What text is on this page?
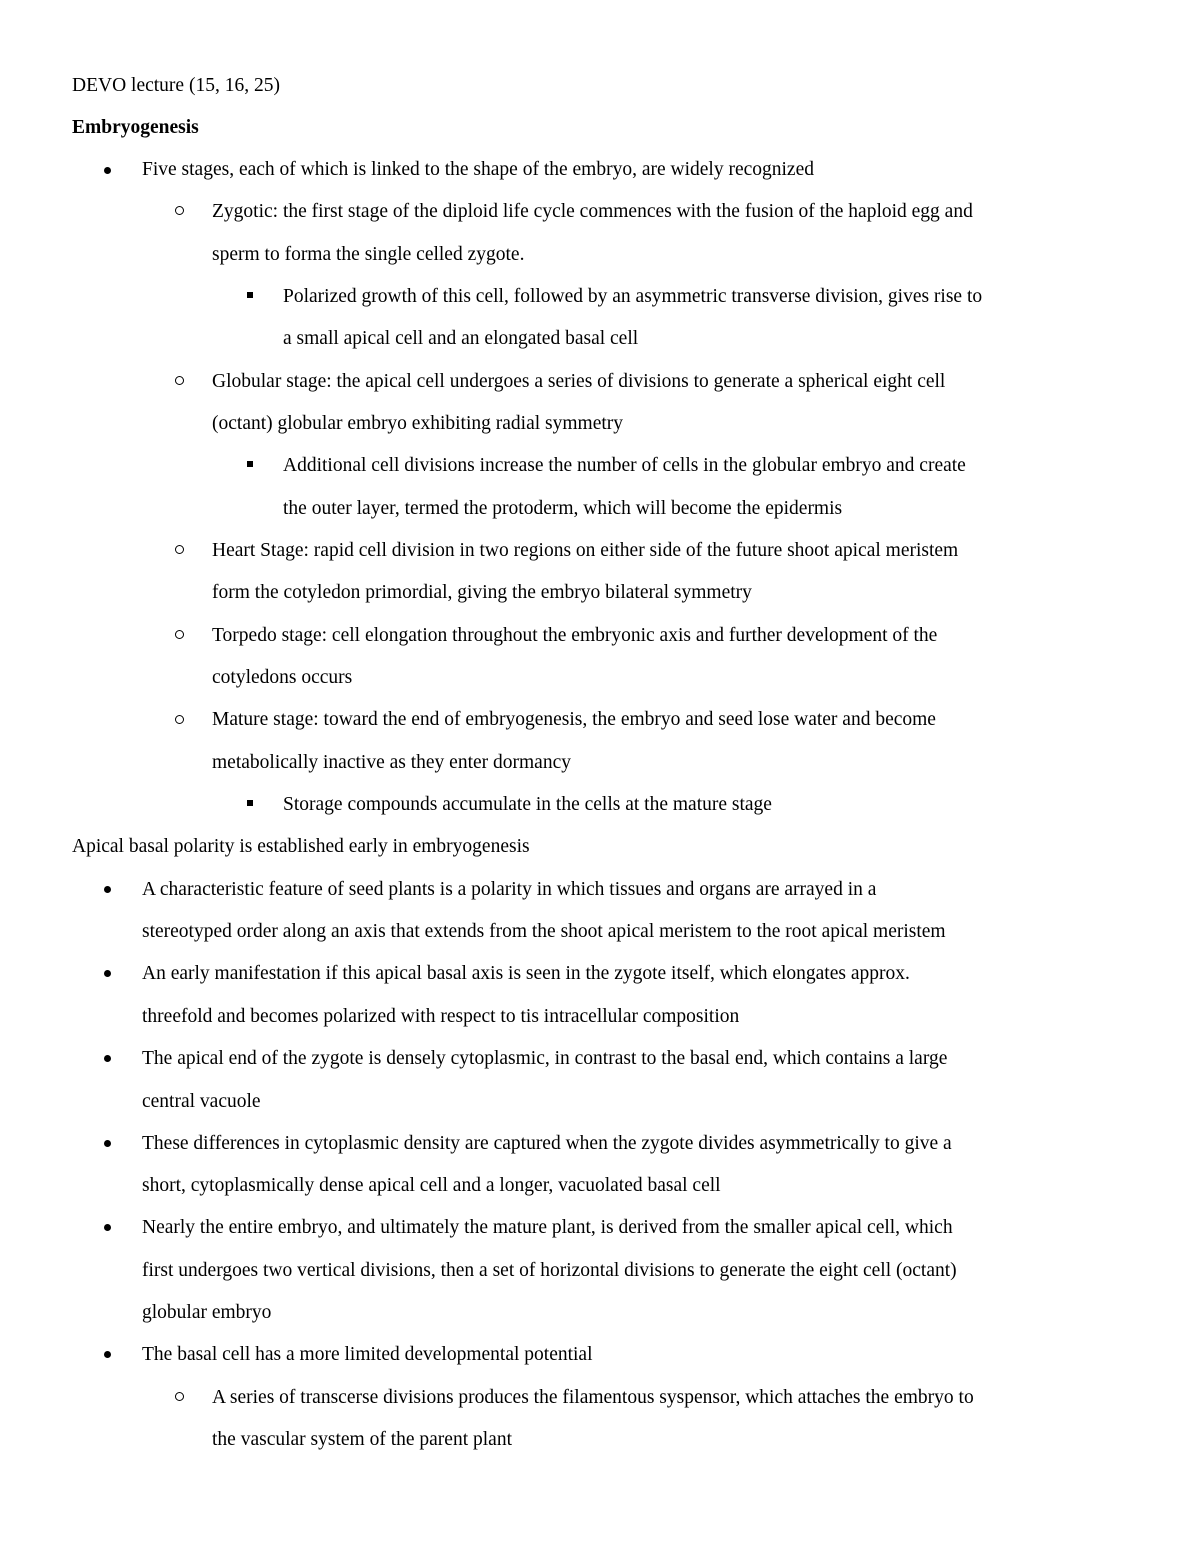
DEVO lecture (15, 16, 25)
Embryogenesis
Five stages, each of which is linked to the shape of the embryo, are widely recognized
Zygotic: the first stage of the diploid life cycle commences with the fusion of the haploid egg and
sperm to forma the single celled zygote.
Polarized growth of this cell, followed by an asymmetric transverse division, gives rise to
a small apical cell and an elongated basal cell
Globular stage: the apical cell undergoes a series of divisions to generate a spherical eight cell
(octant) globular embryo exhibiting radial symmetry
Additional cell divisions increase the number of cells in the globular embryo and create
the outer layer, termed the protoderm, which will become the epidermis
Heart Stage: rapid cell division in two regions on either side of the future shoot apical meristem
form the cotyledon primordial, giving the embryo bilateral symmetry
Torpedo stage: cell elongation throughout the embryonic axis and further development of the
cotyledons occurs
Mature stage: toward the end of embryogenesis, the embryo and seed lose water and become
metabolically inactive as they enter dormancy
Storage compounds accumulate in the cells at the mature stage
Apical basal polarity is established early in embryogenesis
A characteristic feature of seed plants is a polarity in which tissues and organs are arrayed in a
stereotyped order along an axis that extends from the shoot apical meristem to the root apical meristem
An early manifestation if this apical basal axis is seen in the zygote itself, which elongates approx.
threefold and becomes polarized with respect to tis intracellular composition
The apical end of the zygote is densely cytoplasmic, in contrast to the basal end, which contains a large
central vacuole
These differences in cytoplasmic density are captured when the zygote divides asymmetrically to give a
short, cytoplasmically dense apical cell and a longer, vacuolated basal cell
Nearly the entire embryo, and ultimately the mature plant, is derived from the smaller apical cell, which
first undergoes two vertical divisions, then a set of horizontal divisions to generate the eight cell (octant)
globular embryo
The basal cell has a more limited developmental potential
A series of transcerse divisions produces the filamentous syspensor, which attaches the embryo to
the vascular system of the parent plant
